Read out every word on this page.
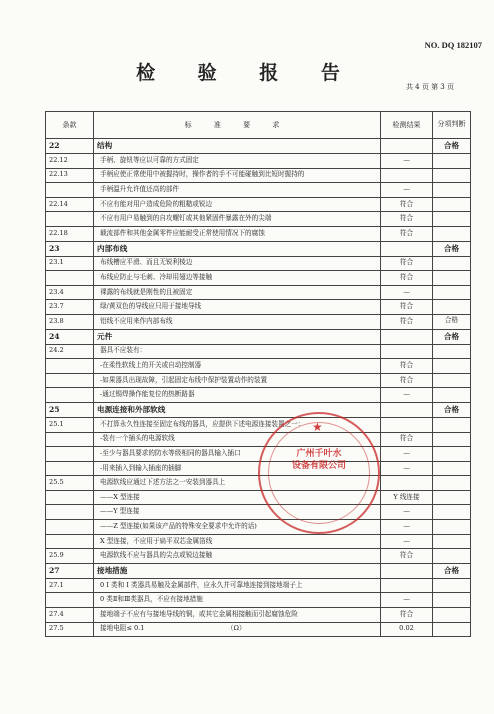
NO. DQ 182107
检 验 报 告
共 4 页 第 3 页
条款	标 准 要 求	检测结果	分项判断
22	结构		合格
22.12	手柄、旋钮等应以可靠的方式固定	—	
22.13	手柄应使正常使用中被握持时，操作者的手不可能碰触到比短时握持的		
	手柄温升允许值还高的部件	—	
22.14	不应有能对用户造成危险的粗糙或锐边	符合	
	不应有用户易触到的自攻螺钉或其他紧固件暴露在外的尖端	符合	
22.18	载流部件和其他金属零件应能耐受正常使用情况下的腐蚀	符合	
23	内部布线		合格
23.1	布线槽应平滑、而且无锐利棱边	符合	
	布线应防止与毛刺、冷却用翅边等接触	符合	
23.4	裸露的布线就是刚性的且被固定	—	
23.7	绿/黄双色的导线应只用于接地导线	符合	
23.8	铝线不应用来作内部布线	符合	合格
24	元件		合格
24.2	器具不应装有：		
	-在柔性软线上的开关或自动控制器	符合	
	-如果器具出现故障，引起固定布线中保护装置动作的装置	符合	
	-通过锡焊操作能复位的热断路器	—	
25	电源连接和外部软线		合格
25.1	不打算永久性连接至固定布线的器具，应提供下述电源连接装置之一：		
	-装有一个插头的电源软线	符合	
	-至少与器具要求的防水等级相同的器具输入插口	—	
	-用来插入到输入插座的插脚	—	
25.5	电源软线应通过下述方法之一安装到器具上		
	——X 型连接	Y 线连接	
	——Y 型连接	—	
	——Z 型连接(如果该产品的特殊安全要求中允许的话)	—	
	X 型连接，不应用于扁平双芯金属箔线	—	
25.9	电源软线不应与器具的尖点或锐边接触	符合	
27	接地措施		合格
27.1	0 I 类和 I 类器具易触及金属部件，应永久并可靠地连接到接地端子上		
	0 类Ⅱ和Ⅲ类器具，不应有接地措施	—	
27.4	接地端子不应有与接地导线的铜，或其它金属相接触而引起腐蚀危险	符合	
27.5	接地电阻≤ 0.1　　　　　　　　　　　　　（Ω）	0.02	
★
广州千叶水
设备有限公司
